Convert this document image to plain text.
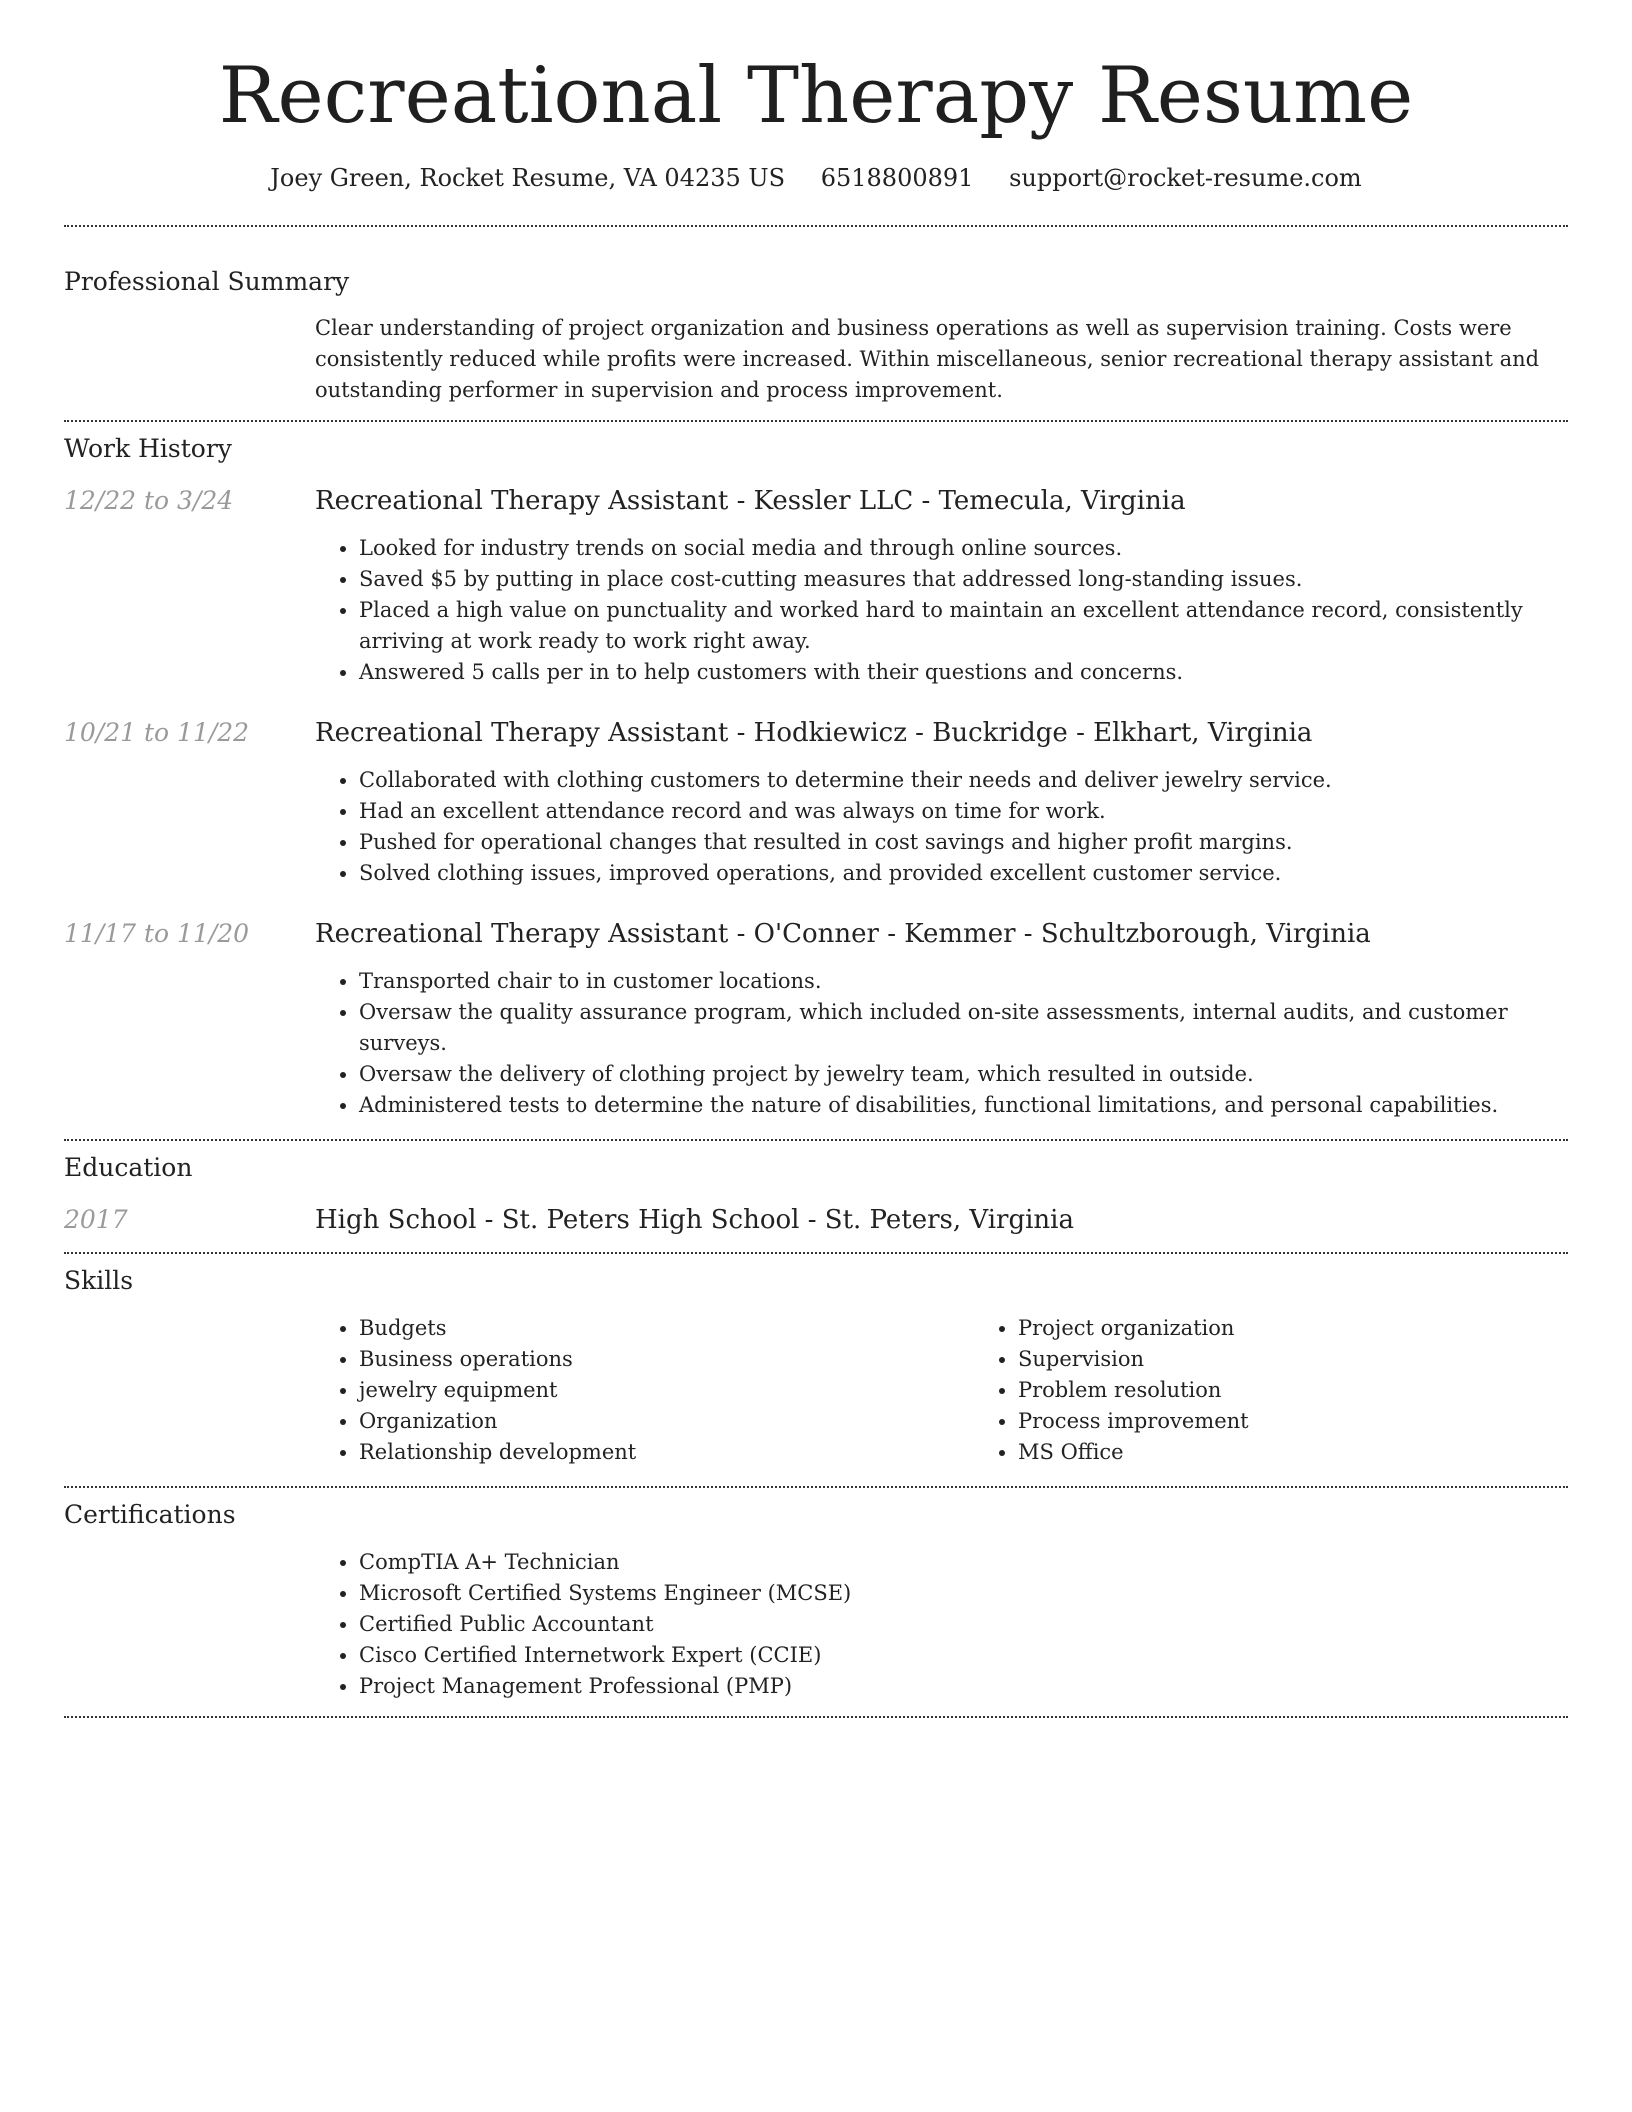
Recreational Therapy Resume
Joey Green, Rocket Resume, VA 04235 US 6518800891 support@rocket-resume.com
Professional Summary
Clear understanding of project organization and business operations as well as supervision training. Costs were consistently reduced while profits were increased. Within miscellaneous, senior recreational therapy assistant and outstanding performer in supervision and process improvement.
Work History
12/22 to 3/24	Recreational Therapy Assistant - Kessler LLC - Temecula, Virginia
• Looked for industry trends on social media and through online sources.
• Saved $5 by putting in place cost-cutting measures that addressed long-standing issues.
• Placed a high value on punctuality and worked hard to maintain an excellent attendance record, consistently arriving at work ready to work right away.
• Answered 5 calls per in to help customers with their questions and concerns.
10/21 to 11/22	Recreational Therapy Assistant - Hodkiewicz - Buckridge - Elkhart, Virginia
• Collaborated with clothing customers to determine their needs and deliver jewelry service.
• Had an excellent attendance record and was always on time for work.
• Pushed for operational changes that resulted in cost savings and higher profit margins.
• Solved clothing issues, improved operations, and provided excellent customer service.
11/17 to 11/20	Recreational Therapy Assistant - O'Conner - Kemmer - Schultzborough, Virginia
• Transported chair to in customer locations.
• Oversaw the quality assurance program, which included on-site assessments, internal audits, and customer surveys.
• Oversaw the delivery of clothing project by jewelry team, which resulted in outside.
• Administered tests to determine the nature of disabilities, functional limitations, and personal capabilities.
Education
2017	High School - St. Peters High School - St. Peters, Virginia
Skills
• Budgets
• Business operations
• jewelry equipment
• Organization
• Relationship development
• Project organization
• Supervision
• Problem resolution
• Process improvement
• MS Office
Certifications
• CompTIA A+ Technician
• Microsoft Certified Systems Engineer (MCSE)
• Certified Public Accountant
• Cisco Certified Internetwork Expert (CCIE)
• Project Management Professional (PMP)
